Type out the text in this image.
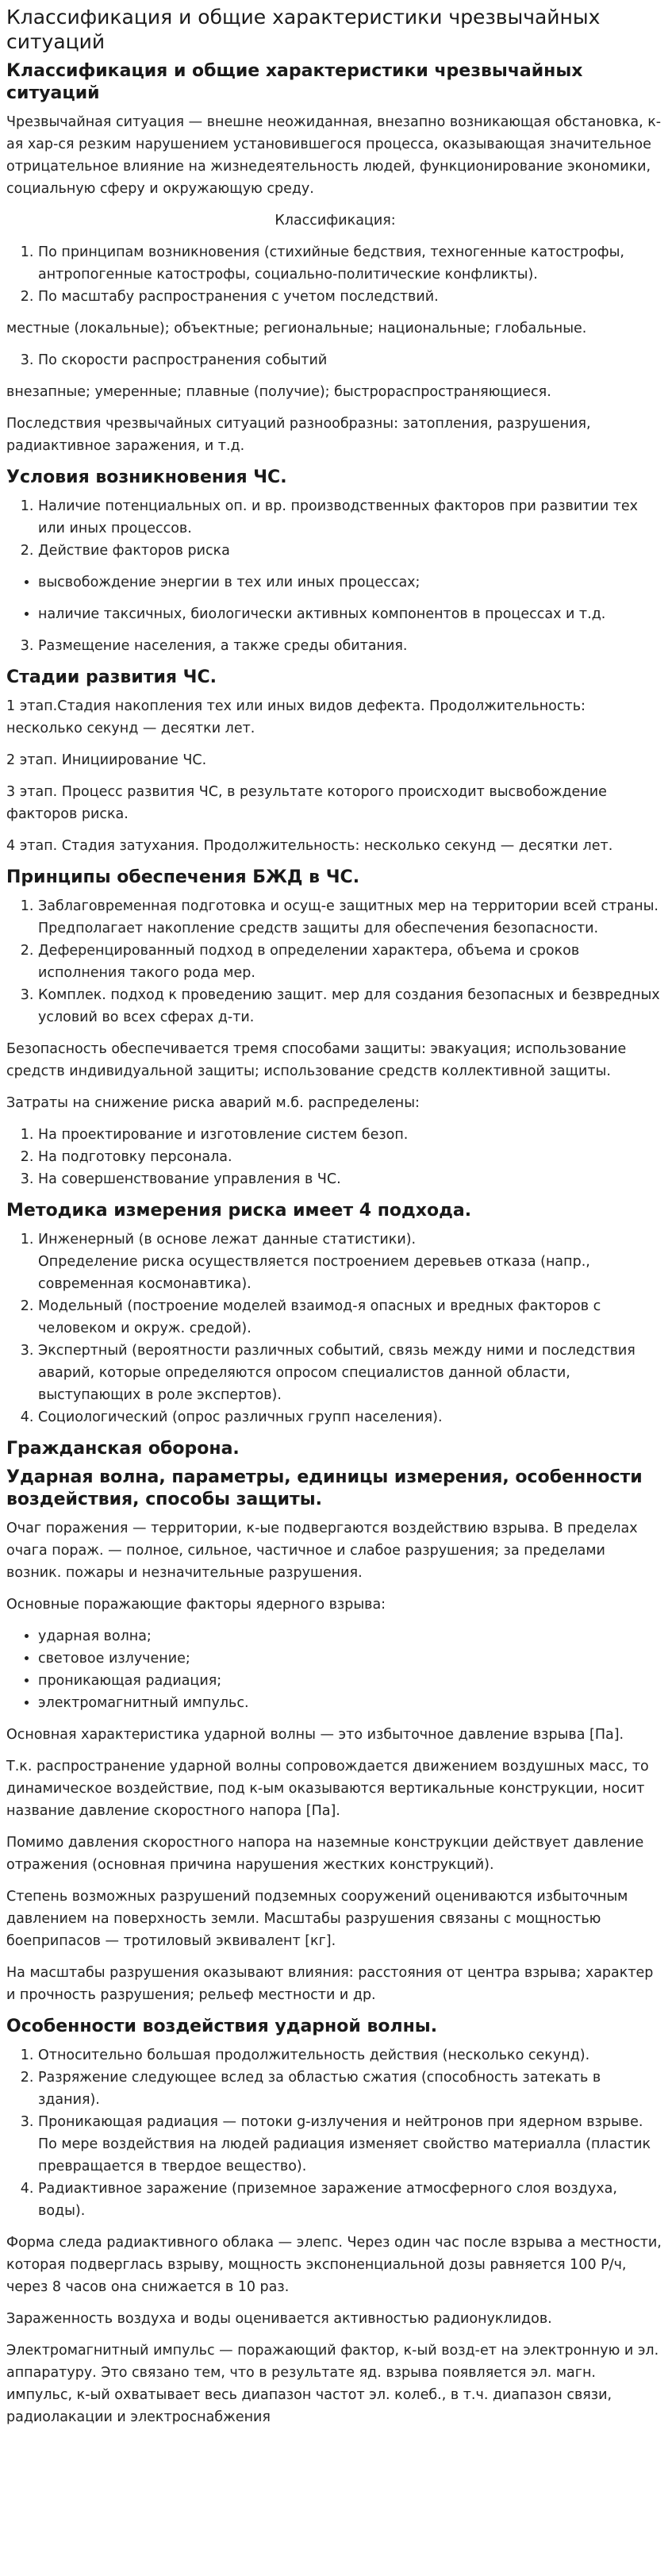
Классификация и общие характеристики чрезвычайных ситуаций
Классификация и общие характеристики чрезвычайных ситуаций

Чрезвычайная ситуация — внешне неожиданная, внезапно возникающая обстановка, к-ая хар-ся резким нарушением установившегося процесса, оказывающая значительное отрицательное влияние на жизнедеятельность людей, функционирование экономики, социальную сферу и окружающую среду.

Классификация:

1. По принципам возникновения (стихийные бедствия, техногенные катострофы, антропогенные катострофы, социально-политические конфликты).
2. По масштабу распространения с учетом последствий.

местные (локальные); объектные; региональные; национальные; глобальные.

3. По скорости распространения событий

внезапные; умеренные; плавные (получие); быстрораспространяющиеся.

Последствия чрезвычайных ситуаций разнообразны: затопления, разрушения, радиактивное заражения, и т.д.

Условия возникновения ЧС.
1. Наличие потенциальных оп. и вр. производственных факторов при развитии тех или иных процессов.
2. Действие факторов риска
• высвобождение энергии в тех или иных процессах;
• наличие таксичных, биологически активных компонентов в процессах и т.д.
3. Размещение населения, а также среды обитания.
Стадии развития ЧС.

1 этап.Стадия накопления тех или иных видов дефекта. Продолжительность: несколько секунд — десятки лет.

2 этап. Инициирование ЧС.

3 этап. Процесс развития ЧС, в результате которого происходит высвобождение факторов риска.

4 этап. Стадия затухания. Продолжительность: несколько секунд — десятки лет.

Принципы обеспечения БЖД в ЧС.
1. Заблаговременная подготовка и осущ-е защитных мер на территории всей страны. Предполагает накопление средств защиты для обеспечения безопасности.
2. Деференцированный подход в определении характера, объема и сроков исполнения такого рода мер.
3. Комплек. подход к проведению защит. мер для создания безопасных и безвредных условий во всех сферах д-ти.

Безопасность обеспечивается тремя способами защиты: эвакуация; использование средств индивидуальной защиты; использование средств коллективной защиты.

Затраты на снижение риска аварий м.б. распределены:

1. На проектирование и изготовление систем безоп.
2. На подготовку персонала.
3. На совершенствование управления в ЧС.
Методика измерения риска имеет 4 подхода.
1. Инженерный (в основе лежат данные статистики).
Определение риска осуществляется построением деревьев отказа (напр., современная космонавтика).
2. Модельный (построение моделей взаимод-я опасных и вредных факторов с человеком и окруж. средой).
3. Экспертный (вероятности различных событий, связь между ними и последствия аварий, которые определяются опросом специалистов данной области, выступающих в роле экспертов).
4. Социологический (опрос различных групп населения).
Гражданская оборона.
Ударная волна, параметры, единицы измерения, особенности воздействия, способы защиты.

Очаг поражения — территории, к-ые подвергаются воздействию взрыва. В пределах очага пораж. — полное, сильное, частичное и слабое разрушения; за пределами возник. пожары и незначительные разрушения.

Основные поражающие факторы ядерного взрыва:

• ударная волна;
• световое излучение;
• проникающая радиация;
• электромагнитный импульс.

Основная характеристика ударной волны — это избыточное давление взрыва [Па].

Т.к. распространение ударной волны сопровождается движением воздушных масс, то динамическое воздействие, под к-ым оказываются вертикальные конструкции, носит название давление скоростного напора [Па].

Помимо давления скоростного напора на наземные конструкции действует давление отражения (основная причина нарушения жестких конструкций).

Степень возможных разрушений подземных сооружений оцениваются избыточным давлением на поверхность земли. Масштабы разрушения связаны с мощностью боеприпасов — тротиловый эквивалент [кг].

На масштабы разрушения оказывают влияния: расстояния от центра взрыва; характер и прочность разрушения; рельеф местности и др.

Особенности воздействия ударной волны.
1. Относительно большая продолжительность действия (несколько секунд).
2. Разряжение следующее вслед за областью сжатия (способность затекать в здания).
3. Проникающая радиация — потоки g-излучения и нейтронов при ядерном взрыве. По мере воздействия на людей радиация изменяет свойство материалла (пластик превращается в твердое вещество).
4. Радиактивное заражение (приземное заражение атмосферного слоя воздуха, воды).

Форма следа радиактивного облака — элепс. Через один час после взрыва а местности, которая подверглась взрыву, мощность экспоненциальной дозы равняется 100 Р/ч, через 8 часов она снижается в 10 раз.

Зараженность воздуха и воды оценивается активностью радионуклидов.

Электромагнитный импульс — поражающий фактор, к-ый возд-ет на электронную и эл. аппаратуру. Это связано тем, что в результате яд. взрыва появляется эл. магн. импульс, к-ый охватывает весь диапазон частот эл. колеб., в т.ч. диапазон связи, радиолакации и электроснабжения
